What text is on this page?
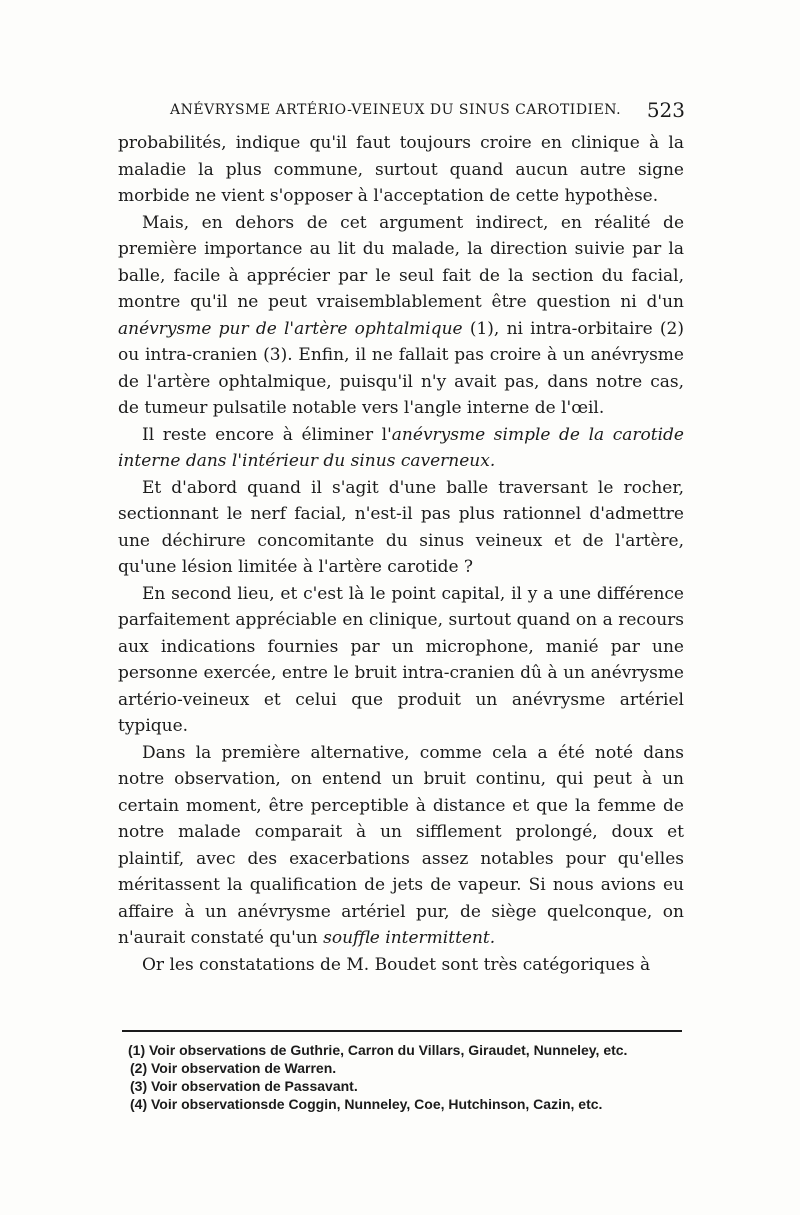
ANÉVRYSME ARTÉRIO-VEINEUX DU SINUS CAROTIDIEN. 523

probabilités, indique qu'il faut toujours croire en clinique à la maladie la plus commune, surtout quand aucun autre signe morbide ne vient s'opposer à l'acceptation de cette hypothèse.

Mais, en dehors de cet argument indirect, en réalité de première importance au lit du malade, la direction suivie par la balle, facile à apprécier par le seul fait de la section du facial, montre qu'il ne peut vraisemblablement être question ni d'un anévrysme pur de l'artère ophtalmique (1), ni intra-orbitaire (2) ou intra-cranien (3). Enfin, il ne fallait pas croire à un anévrysme de l'artère ophtalmique, puisqu'il n'y avait pas, dans notre cas, de tumeur pulsatile notable vers l'angle interne de l'œil.

Il reste encore à éliminer l'anévrysme simple de la carotide interne dans l'intérieur du sinus caverneux.

Et d'abord quand il s'agit d'une balle traversant le rocher, sectionnant le nerf facial, n'est-il pas plus rationnel d'admettre une déchirure concomitante du sinus veineux et de l'artère, qu'une lésion limitée à l'artère carotide ?

En second lieu, et c'est là le point capital, il y a une différence parfaitement appréciable en clinique, surtout quand on a recours aux indications fournies par un microphone, manié par une personne exercée, entre le bruit intra-cranien dû à un anévrysme artério-veineux et celui que produit un anévrysme artériel typique.

Dans la première alternative, comme cela a été noté dans notre observation, on entend un bruit continu, qui peut à un certain moment, être perceptible à distance et que la femme de notre malade comparait à un sifflement prolongé, doux et plaintif, avec des exacerbations assez notables pour qu'elles méritassent la qualification de jets de vapeur. Si nous avions eu affaire à un anévrysme artériel pur, de siège quelconque, on n'aurait constaté qu'un souffle intermittent.

Or les constatations de M. Boudet sont très catégoriques à

(1) Voir observations de Guthrie, Carron du Villars, Giraudet, Nunneley, etc.

(2) Voir observation de Warren.

(3) Voir observation de Passavant.

(4) Voir observationsde Coggin, Nunneley, Coe, Hutchinson, Cazin, etc.
